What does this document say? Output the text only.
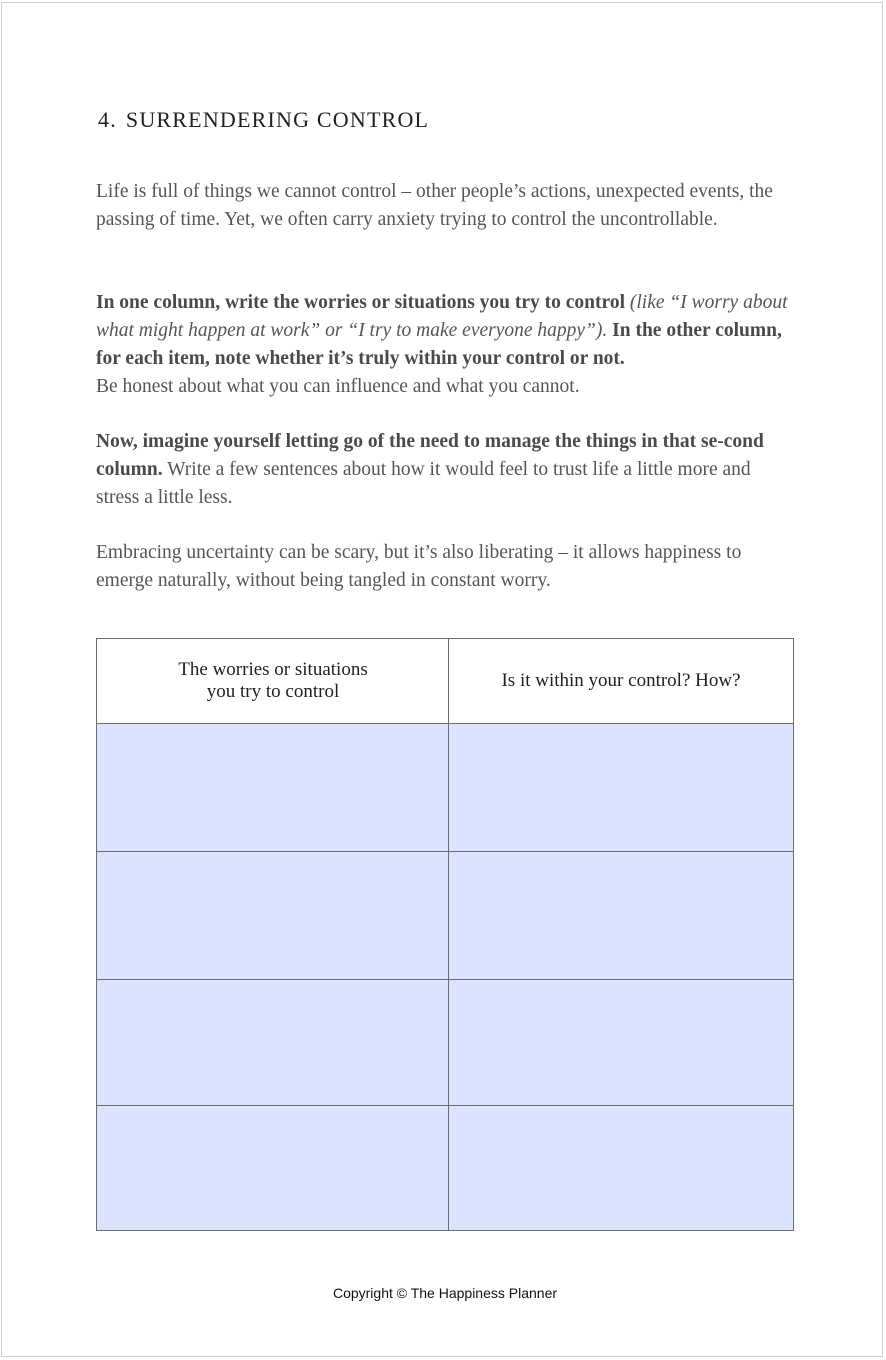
4. SURRENDERING CONTROL

Life is full of things we cannot control – other people’s actions, unexpected events, the passing of time. Yet, we often carry anxiety trying to control the uncontrollable.

In one column, write the worries or situations you try to control (like “I worry about what might happen at work” or “I try to make everyone happy”). In the other column, for each item, note whether it’s truly within your control or not.
Be honest about what you can influence and what you cannot.

Now, imagine yourself letting go of the need to manage the things in that se-cond column. Write a few sentences about how it would feel to trust life a little more and stress a little less.

Embracing uncertainty can be scary, but it’s also liberating – it allows happiness to emerge naturally, without being tangled in constant worry.

The worries or situations you try to control
Is it within your control? How?
Copyright © The Happiness Planner
